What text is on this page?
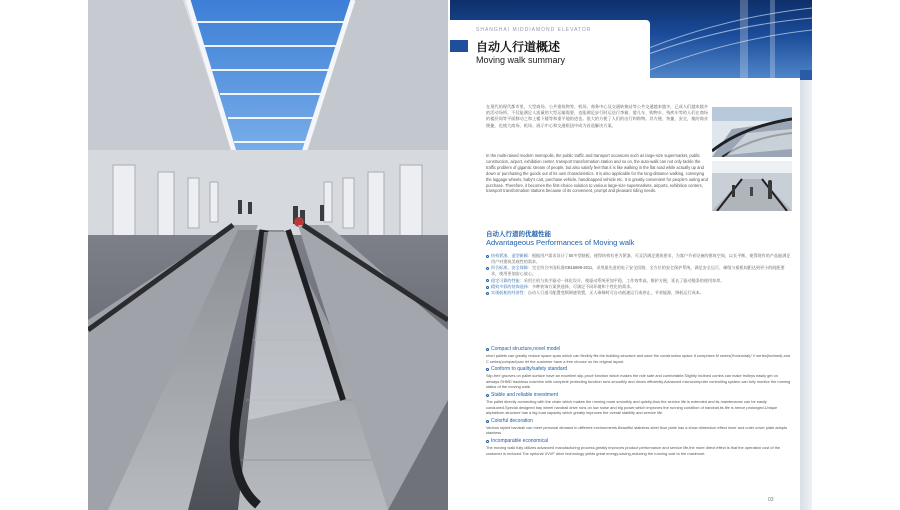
SHANGHAI MIDDIAMOND ELEVATOR
自动人行道概述
Moving walk summary
在现代的现代都市里，大型商场、公共建筑物等，机场、商务中心及交通转换站等公共交通越来越多，已成人们越来越多的活动场所。不仅能满足人流量的大型运输需要，也能满足步行时运送行李箱、婴儿车、购物车、残疾车等的人们在商场的楼层间等平面移动之和上楼下楼等和重平地的进也。很大的方便了人们的出行和购物。其方便、快捷、安全，使的商业便捷，也使大商场、机场、展示中心和交通枢纽中成为首选解决方案。
In the multi-raised modern metropolis, the public traffic and transport occasions such as large-size supermarket, public construction, airport, exhibition center, transport transformation station and so on, the auto-walk can not only tackle the traffic problem of gigantic stream of people, but also satisfy feel that it is like walking in the flat road while actually up and down or purchasing the goods out of its own characteristics. It is also applicable for the long-distance walking, conveying the luggage wheels, baby's cart, purchase vehicle, handicapped vehicle etc. It is greatly convenient for people's outing and purchase. Therefore, it becomes the first-choice solution to various large-size supermarkets, airports, exhibition centers, transport transformation stations because of its convenient, prompt and pleasant riding needs.
自动人行道的优越性能
Advantageous Performances of Moving walk
结构紧凑，造型新颖：根据用户需求设计了50多型踏板，使得结构有更为紧凑、可灵活满足建筑要求，为客户节省设备的建筑空间，以长平衡、使得现有的产品能满足用户对建筑美观性的需求。
符合标准，安全保障：完全符合中国标准GB16899-2011，采用最先进的电子安全回路，全方位的安全保护系统，满足安全运行、梯级与裙板间距达到更小的间距要求，使用更加安心放心。
稳定可靠的性能：采用主机与扶手驱动一体化设计，使驱动系统更加平稳，工作效率高，维护方便，延长了驱动链条的使用寿命。
精致多彩的装饰选择：多种装饰方案供选择，可满足不同环境和个性化的需求。
实现低耗的经济性：自动人行道可配置变频调速装置，无人乘梯时可自动低速运行或停止，节省能源，降低运行成本。
Compact structure,novel model
short pallets can greatly reduce space span,which can flexibly fits the building structure and save the construction space.It comprises M series(Horizontal)/ V series(inclined) and C series(compact)can let the customer have a free choose on his original layout.
Conform to quality/safety standard
Slip-free grooves on pallet surface have an excellent slip-proof function which makes the ride safe and comfortable.Slightly inclined combs can make trolleys easily get on airways.SHMD trackless machine with complete protecting function runs smoothly and drives efficiently.Advanced microcomputer controlling system can fully monitor the running status of the moving walk.
Stable and reliable investment
The pallet directly connecting with the chain which makes the running more smoothly and quietly,thus the service life is extended and its maintenance can be easily conducted.Special designed bay wheel handrail drive runs on low noise and big power,which improves the running condition of handrail,its life is hence prolonged.Unique airplatform structure has a big load capacity which greatly improves the overall stability and service life.
Colorful decoration
Various styled handrail can meet personal demand in different environments.Beautiful stainless steel floor plate has a show dimension effect inner and outer cover plate adopts stainless
Incomparable economical
The moving walk fully utilizes advanced manufacturing process,greatly improves product performance and service life,the more direct effect is that the operation cost of the customer is reduced.The optional VVVF drive technology yields great energy-saving,reducing the running cost to the maximum.
03
